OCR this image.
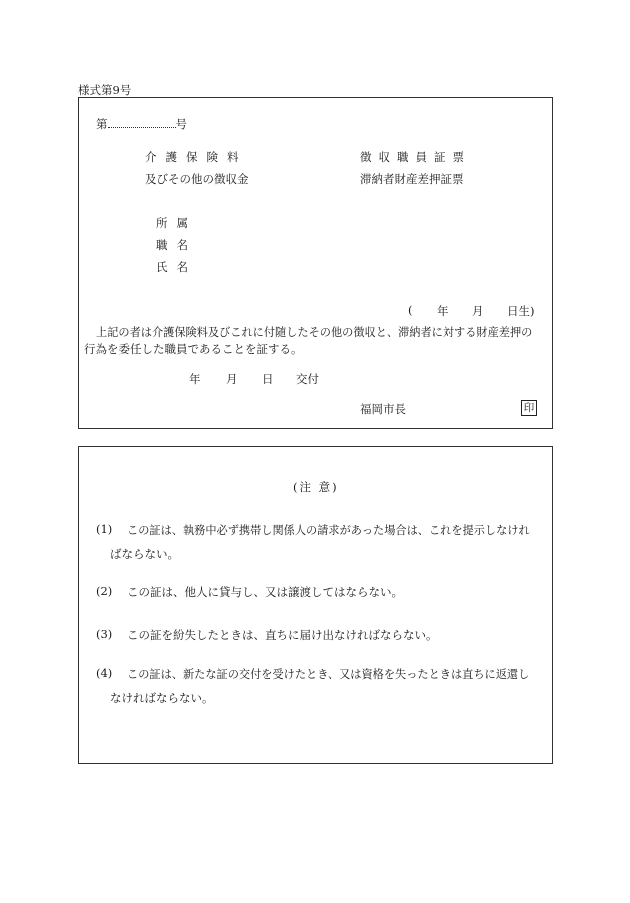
様式第9号
第	号
介護保険料
及びその他の徴収金
徴収職員証票
滞納者財産差押証票
所属
職名
氏名
( 年 月 日生)
上記の者は介護保険料及びこれに付随したその他の徴収と、滞納者に対する財産差押の
行為を委任した職員であることを証する。
年 月 日 交付
福岡市長	印
(注 意)
(1) この証は、執務中必ず携帯し関係人の請求があった場合は、これを提示しなけれ
ばならない。
(2) この証は、他人に貸与し、又は譲渡してはならない。
(3) この証を紛失したときは、直ちに届け出なければならない。
(4) この証は、新たな証の交付を受けたとき、又は資格を失ったときは直ちに返還し
なければならない。
